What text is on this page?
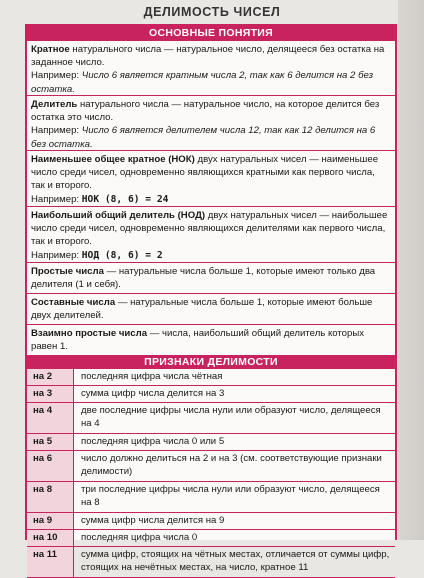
ДЕЛИМОСТЬ ЧИСЕЛ
ОСНОВНЫЕ ПОНЯТИЯ

Кратное натурального числа — натуральное число, делящееся без остатка на заданное число.

Например: Число 6 является кратным числа 2, так как 6 делится на 2 без остатка.

Делитель натурального числа — натуральное число, на которое делится без остатка это число.

Например: Число 6 является делителем числа 12, так как 12 делится на 6 без остатка.

Наименьшее общее кратное (НОК) двух натуральных чисел — наименьшее число среди чисел, одновременно являющихся кратными как первого числа, так и второго.

Например: НОК (8, 6) = 24

Наибольший общий делитель (НОД) двух натуральных чисел — наибольшее число среди чисел, одновременно являющихся делителями как первого числа, так и второго.

Например: НОД (8, 6) = 2

Простые числа — натуральные числа больше 1, которые имеют только два делителя (1 и себя).

Составные числа — натуральные числа больше 1, которые имеют больше двух делителей.

Взаимно простые числа — числа, наибольший общий делитель которых равен 1.

ПРИЗНАКИ ДЕЛИМОСТИ
на 2	последняя цифра числа чётная
на 3	сумма цифр числа делится на 3
на 4	две последние цифры числа нули или образуют число, делящееся на 4
на 5	последняя цифра числа 0 или 5
на 6	число должно делиться на 2 и на 3 (см. соответствующие признаки делимости)
на 8	три последние цифры числа нули или образуют число, делящееся на 8
на 9	сумма цифр числа делится на 9
на 10	последняя цифра числа 0
на 11	сумма цифр, стоящих на чётных местах, отличается от суммы цифр, стоящих на нечётных местах, на число, кратное 11
